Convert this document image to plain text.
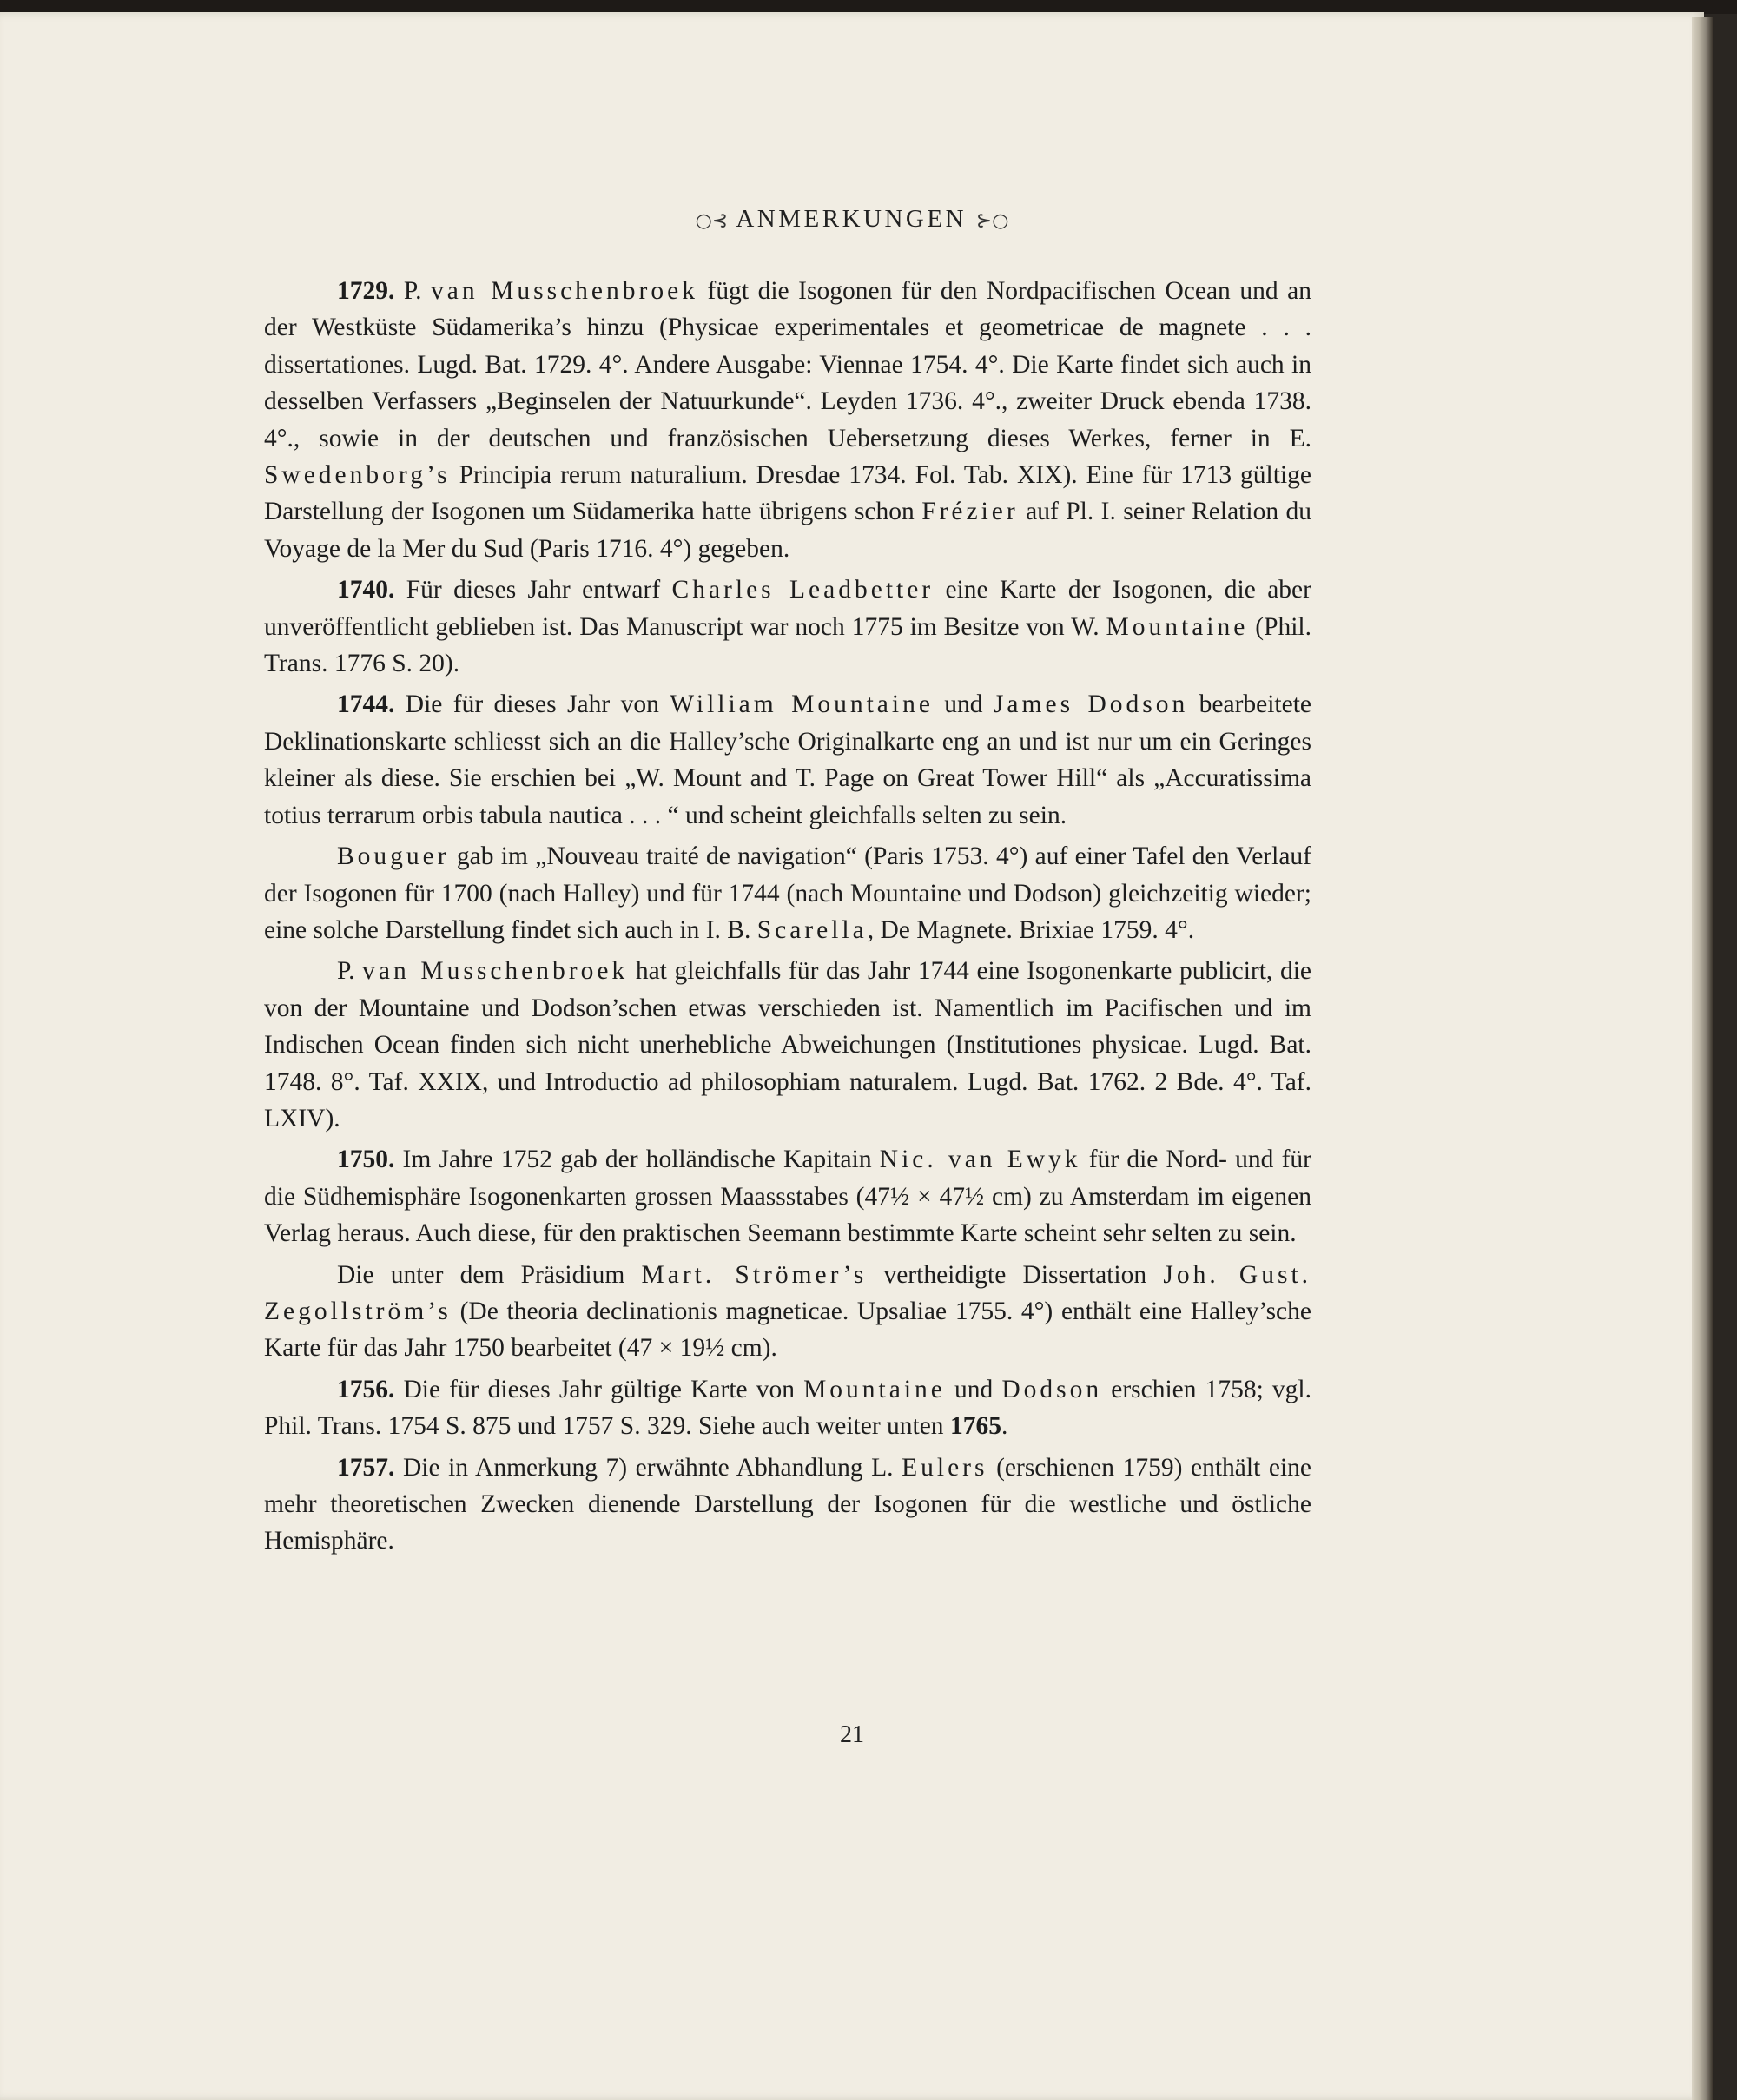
○⊰ ANMERKUNGEN ⊱○

1729. P. van Musschenbroek fügt die Isogonen für den Nordpacifischen Ocean und an der Westküste Südamerika’s hinzu (Physicae experimentales et geometricae de magnete . . . dissertationes. Lugd. Bat. 1729. 4°. Andere Ausgabe: Viennae 1754. 4°. Die Karte findet sich auch in desselben Verfassers „Beginselen der Natuurkunde“. Leyden 1736. 4°., zweiter Druck ebenda 1738. 4°., sowie in der deutschen und französischen Uebersetzung dieses Werkes, ferner in E. Swedenborg’s Principia rerum naturalium. Dresdae 1734. Fol. Tab. XIX). Eine für 1713 gültige Darstellung der Isogonen um Südamerika hatte übrigens schon Frézier auf Pl. I. seiner Relation du Voyage de la Mer du Sud (Paris 1716. 4°) gegeben.

1740. Für dieses Jahr entwarf Charles Leadbetter eine Karte der Isogonen, die aber unveröffentlicht geblieben ist. Das Manuscript war noch 1775 im Besitze von W. Mountaine (Phil. Trans. 1776 S. 20).

1744. Die für dieses Jahr von William Mountaine und James Dodson bearbeitete Deklinationskarte schliesst sich an die Halley’sche Originalkarte eng an und ist nur um ein Geringes kleiner als diese. Sie erschien bei „W. Mount and T. Page on Great Tower Hill“ als „Accuratissima totius terrarum orbis tabula nautica . . . “ und scheint gleichfalls selten zu sein.

Bouguer gab im „Nouveau traité de navigation“ (Paris 1753. 4°) auf einer Tafel den Verlauf der Isogonen für 1700 (nach Halley) und für 1744 (nach Mountaine und Dodson) gleichzeitig wieder; eine solche Darstellung findet sich auch in I. B. Scarella, De Magnete. Brixiae 1759. 4°.

P. van Musschenbroek hat gleichfalls für das Jahr 1744 eine Isogonenkarte publicirt, die von der Mountaine und Dodson’schen etwas verschieden ist. Namentlich im Pacifischen und im Indischen Ocean finden sich nicht unerhebliche Abweichungen (Institutiones physicae. Lugd. Bat. 1748. 8°. Taf. XXIX, und Introductio ad philosophiam naturalem. Lugd. Bat. 1762. 2 Bde. 4°. Taf. LXIV).

1750. Im Jahre 1752 gab der holländische Kapitain Nic. van Ewyk für die Nord- und für die Südhemisphäre Isogonenkarten grossen Maassstabes (47½ × 47½ cm) zu Amsterdam im eigenen Verlag heraus. Auch diese, für den praktischen Seemann bestimmte Karte scheint sehr selten zu sein.

Die unter dem Präsidium Mart. Strömer’s vertheidigte Dissertation Joh. Gust. Zegollström’s (De theoria declinationis magneticae. Upsaliae 1755. 4°) enthält eine Halley’sche Karte für das Jahr 1750 bearbeitet (47 × 19½ cm).

1756. Die für dieses Jahr gültige Karte von Mountaine und Dodson erschien 1758; vgl. Phil. Trans. 1754 S. 875 und 1757 S. 329. Siehe auch weiter unten 1765.

1757. Die in Anmerkung 7) erwähnte Abhandlung L. Eulers (erschienen 1759) enthält eine mehr theoretischen Zwecken dienende Darstellung der Isogonen für die westliche und östliche Hemisphäre.

21
